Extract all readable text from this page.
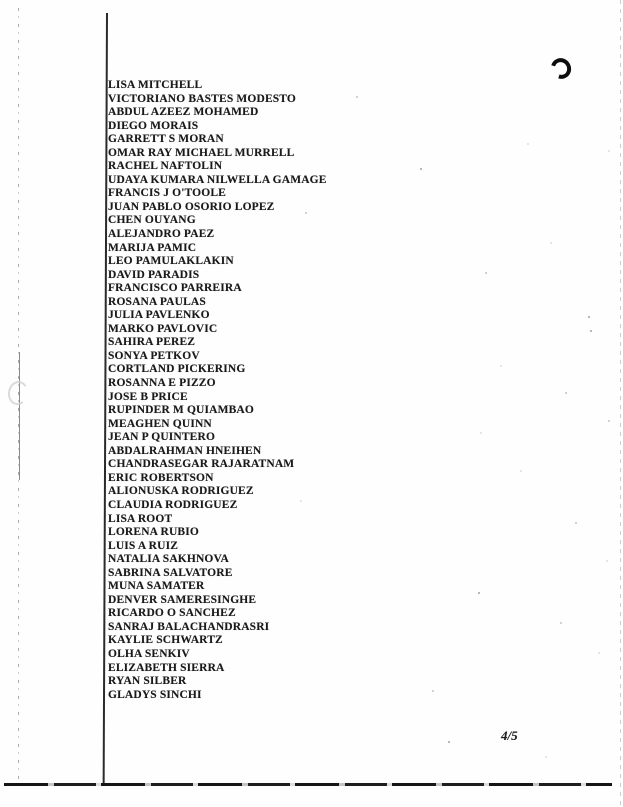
LISA MITCHELL
VICTORIANO BASTES MODESTO
ABDUL AZEEZ MOHAMED
DIEGO MORAIS
GARRETT S MORAN
OMAR RAY MICHAEL MURRELL
RACHEL NAFTOLIN
UDAYA KUMARA NILWELLA GAMAGE
FRANCIS J O'TOOLE
JUAN PABLO OSORIO LOPEZ
CHEN OUYANG
ALEJANDRO PAEZ
MARIJA PAMIC
LEO PAMULAKLAKIN
DAVID PARADIS
FRANCISCO PARREIRA
ROSANA PAULAS
JULIA PAVLENKO
MARKO PAVLOVIC
SAHIRA PEREZ
SONYA PETKOV
CORTLAND PICKERING
ROSANNA E PIZZO
JOSE B PRICE
RUPINDER M QUIAMBAO
MEAGHEN QUINN
JEAN P QUINTERO
ABDALRAHMAN HNEIHEN
CHANDRASEGAR RAJARATNAM
ERIC ROBERTSON
ALIONUSKA RODRIGUEZ
CLAUDIA RODRIGUEZ
LISA ROOT
LORENA RUBIO
LUIS A RUIZ
NATALIA SAKHNOVA
SABRINA SALVATORE
MUNA SAMATER
DENVER SAMERESINGHE
RICARDO O SANCHEZ
SANRAJ BALACHANDRASRI
KAYLIE SCHWARTZ
OLHA SENKIV
ELIZABETH SIERRA
RYAN SILBER
GLADYS SINCHI
4/5
